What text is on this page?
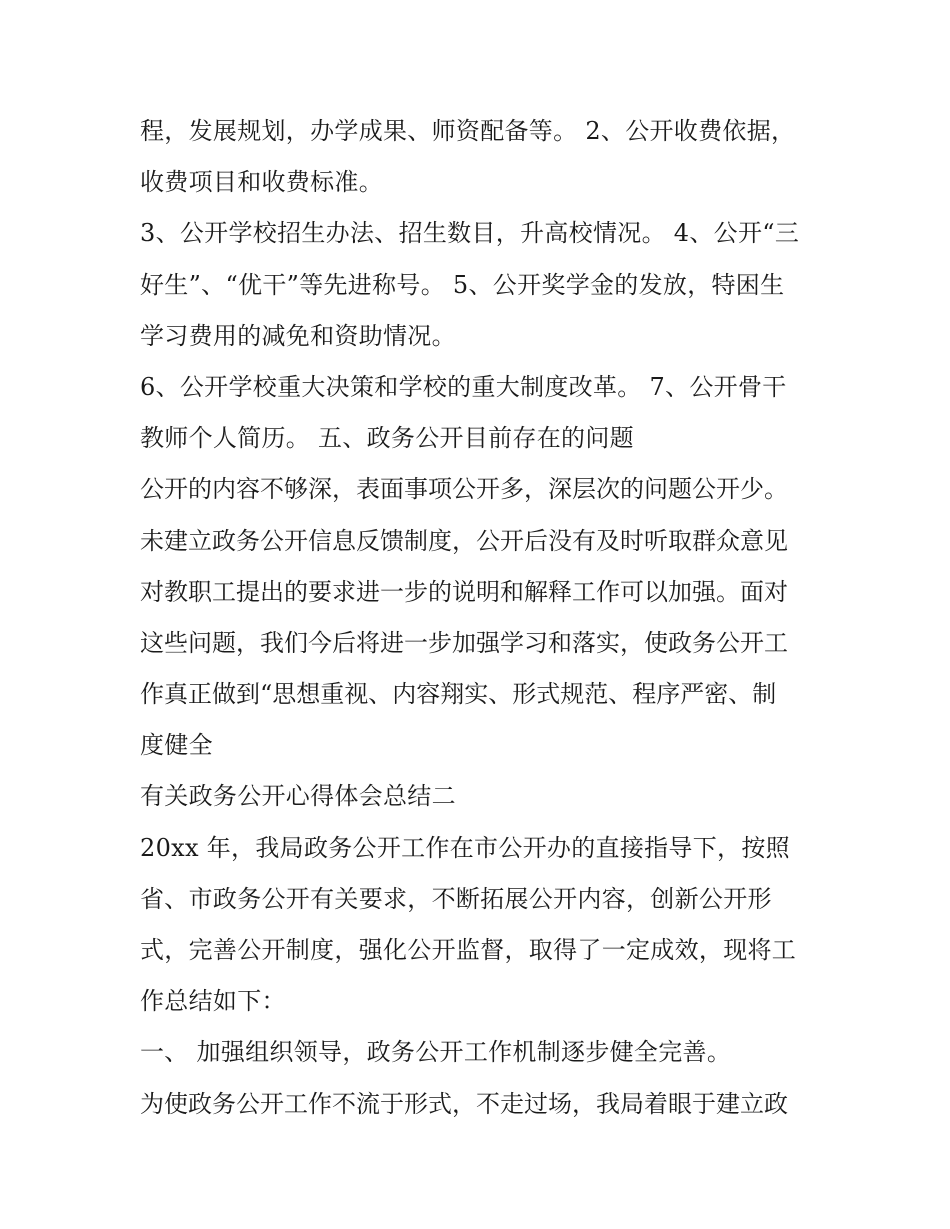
程，发展规划，办学成果、师资配备等。 2、公开收费依据，
收费项目和收费标准。
3、公开学校招生办法、招生数目，升高校情况。 4、公开“三
好生”、“优干”等先进称号。 5、公开奖学金的发放，特困生
学习费用的减免和资助情况。
6、公开学校重大决策和学校的重大制度改革。 7、公开骨干
教师个人简历。 五、政务公开目前存在的问题
公开的内容不够深，表面事项公开多，深层次的问题公开少。
未建立政务公开信息反馈制度，公开后没有及时听取群众意见
对教职工提出的要求进一步的说明和解释工作可以加强。面对
这些问题，我们今后将进一步加强学习和落实，使政务公开工
作真正做到“思想重视、内容翔实、形式规范、程序严密、制
度健全
有关政务公开心得体会总结二
20xx 年，我局政务公开工作在市公开办的直接指导下，按照
省、市政务公开有关要求，不断拓展公开内容，创新公开形
式，完善公开制度，强化公开监督，取得了一定成效，现将工
作总结如下：
一、 加强组织领导，政务公开工作机制逐步健全完善。
为使政务公开工作不流于形式，不走过场，我局着眼于建立政
